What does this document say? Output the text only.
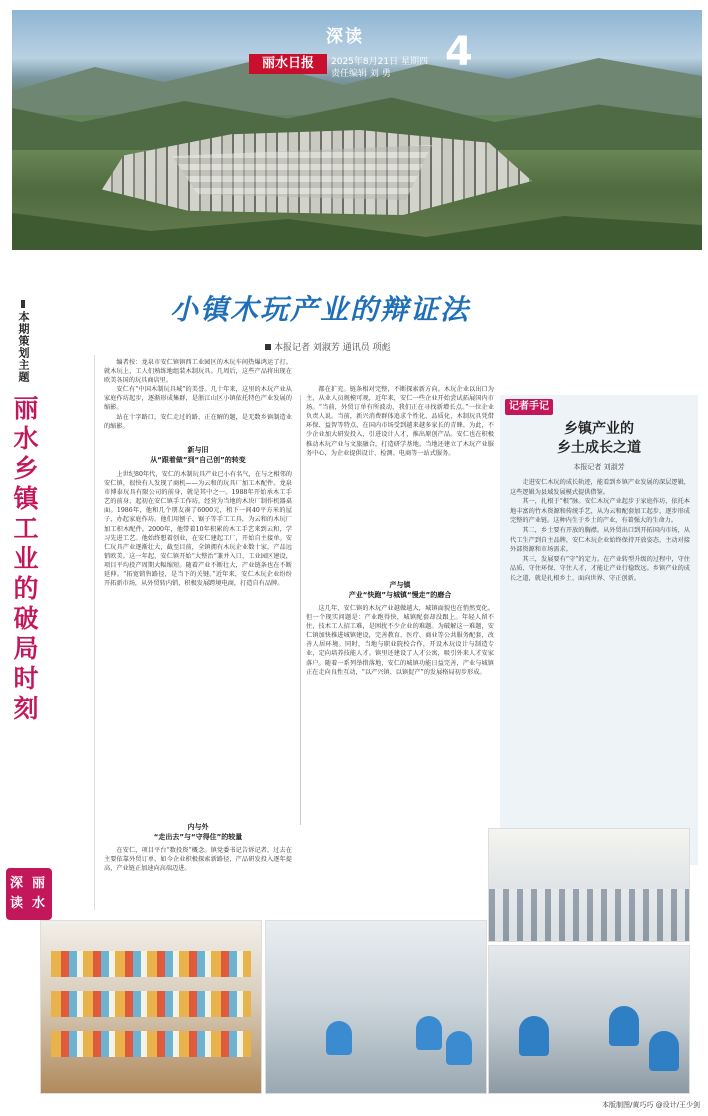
深读
丽水日报	2025年8月21日 星期四
责任编辑 刘 勇	4
本期策划主题
丽水乡镇工业的破局时刻
深
读
丽
水
小镇木玩产业的辩证法
本报记者 刘淑芳 通讯员 项彪

编者按：龙泉市安仁镇镇西工业园区的木玩车间热爆鸿运了打。就木玩上，工人们熟练地组装木制玩具。几周后，这些产品将出现在欧美各国的玩具商店里。

安仁有“中国木制玩具城”的美誉。几十年来，这里的木玩产业从家庭作坊起步，逐渐形成集群，是浙江山区小镇依托特色产业发展的缩影。

站在十字路口，安仁走过的路、正在解的题，是无数乡镇制造业的缩影。

新与旧
从“跟着做”到“自己创”的转变

上世纪80年代，安仁的木制玩具产业已小有名气，在与之相邻的安仁镇，很快有人发现了商机——为云和的玩具厂加工木配件。龙泉市博泰玩具有限公司的前身，就是其中之一。1988年开始承木工手艺的前身，起初在安仁镇手工作坊，经营为当地的木块厂制作机器桌面。1986年，他和几个朋友凑了6000元，租下一间40平方米的屋子，办起家庭作坊。他们用刨子、锯子等手工工具，为云和的木玩厂加工积木配件。2000年，他带着10年积累的木工手艺来到云和，学习先进工艺。他始终想着创业，在安仁建起工厂，开始自主接单。安仁玩具产业逐渐壮大，截至目前，全镇拥有木玩企业数十家，产品远销欧美。这一年起，安仁镇开始“大整治”兼并入口、工业园区建设，项目平均投产周期大幅缩短。随着产业不断壮大，产业链条也在不断延伸。“拓宽销售路径，是当下的关键。”近年来，安仁木玩企业纷纷开拓新市场，从外贸转内销，积极发展跨境电商，打造自有品牌。

内与外
“走出去”与“守得住”的较量

在安仁，项目平台“数投资”概念。镇党委书记告诉记者，过去在主要依靠外贸订单，如今企业积极探索新路径，产品研发投入逐年提高，产业链正加速向高端迈进。

都在扩充。链条相对完整，不断探索新方向。木玩企业以出口为主，从业人员规模可观，近年来，安仁一些企业开始尝试拓展国内市场。“当前，外贸订单有所波动，我们正在寻找新增长点。”一位企业负责人说。当前，新兴消费群体追求个性化、品质化，木制玩具凭借环保、益智等特点，在国内市场受到越来越多家长的青睐。为此，不少企业加大研发投入，引进设计人才，推出原创产品。安仁也在积极推动木玩产业与文旅融合，打造研学基地。当地还建立了木玩产业服务中心，为企业提供设计、检测、电商等一站式服务。

产与镇
产业“快跑”与城镇“慢走”的磨合

这几年，安仁镇的木玩产业越做越大，城镇面貌也在悄然变化。但一个现实问题是：产业跑得快，城镇配套却没跟上。年轻人留不住，技术工人招工难，是困扰不少企业的难题。为破解这一难题，安仁镇加快推进城镇建设，完善教育、医疗、商业等公共服务配套，改善人居环境。同时，当地与职业院校合作，开设木玩设计与制造专业，定向培养技能人才。镇里还建设了人才公寓，吸引外来人才安家落户。随着一系列举措落地，安仁的城镇功能日益完善，产业与城镇正在走向良性互动，“以产兴镇、以镇促产”的发展格局初步形成。

记者手记
乡镇产业的
乡土成长之道
本报记者 刘淑芳

走进安仁木玩的成长轨迹，能看到乡镇产业发展的深层逻辑，这些逻辑为县域发展模式提供借鉴。

其一，扎根于“根”脉。安仁木玩产业起步于家庭作坊，依托本地丰富的竹木资源和传统手艺，从为云和配套加工起步，逐步形成完整的产业链。这种内生于乡土的产业，有着强大的生命力。

其二，乡土要有开放的胸襟。从外贸出口到开拓国内市场，从代工生产到自主品牌，安仁木玩企业始终保持开放姿态，主动对接外部资源和市场需求。

其三，发展要有“守”的定力。在产业转型升级的过程中，守住品质、守住环保、守住人才，才能让产业行稳致远。乡镇产业的成长之道，就是扎根乡土、面向世界、守正创新。

本版制图/黄巧巧 @设计/王少剑
